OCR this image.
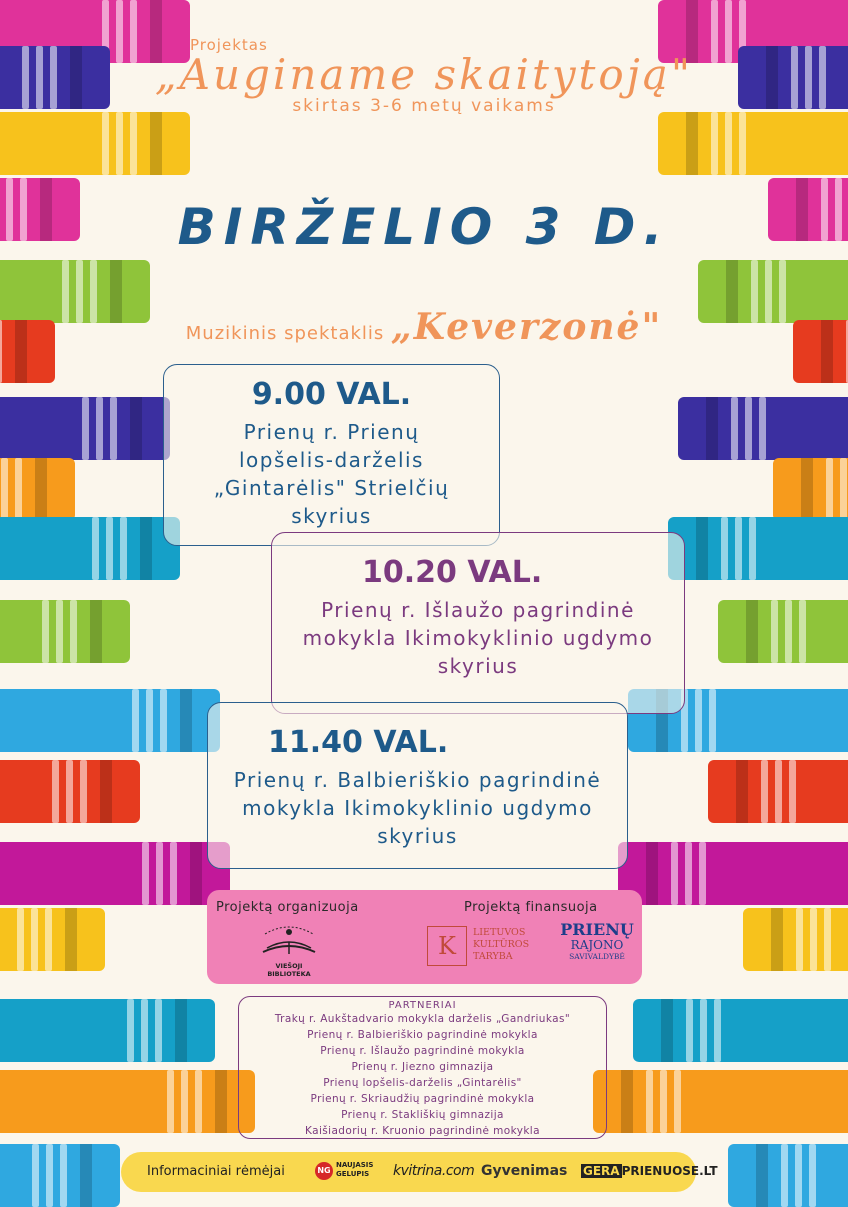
Projektas
„Auginame skaitytoją"
skirtas 3-6 metų vaikams
BIRŽELIO 3 D.
Muzikinis spektaklis „Keverzonė"
9.00 VAL.
Prienų r. Prienų lopšelis-darželis „Gintarėlis" Strielčių skyrius
10.20 VAL.
Prienų r. Išlaužo pagrindinė mokykla Ikimokyklinio ugdymo skyrius
11.40 VAL.
Prienų r. Balbieriškio pagrindinė mokykla Ikimokyklinio ugdymo skyrius
Projektą organizuoja	Projektą finansuoja
VIEŠOJI BIBLIOTEKA
K	LIETUVOS
KULTŪROS
TARYBA
PRIENŲ
RAJONO
SAVIVALDYBĖ
PARTNERIAI
Trakų r. Aukštadvario mokykla darželis „Gandriukas"
Prienų r. Balbieriškio pagrindinė mokykla
Prienų r. Išlaužo pagrindinė mokykla
Prienų r. Jiezno gimnazija
Prienų lopšelis-darželis „Gintarėlis"
Prienų r. Skriaudžių pagrindinė mokykla
Prienų r. Stakliškių gimnazija
Kaišiadorių r. Kruonio pagrindinė mokykla
Informaciniai rėmėjai	NG
NAUJASIS
GELUPIS	kvitrina.com Gyvenimas GERA PRIENUOSE.LT
